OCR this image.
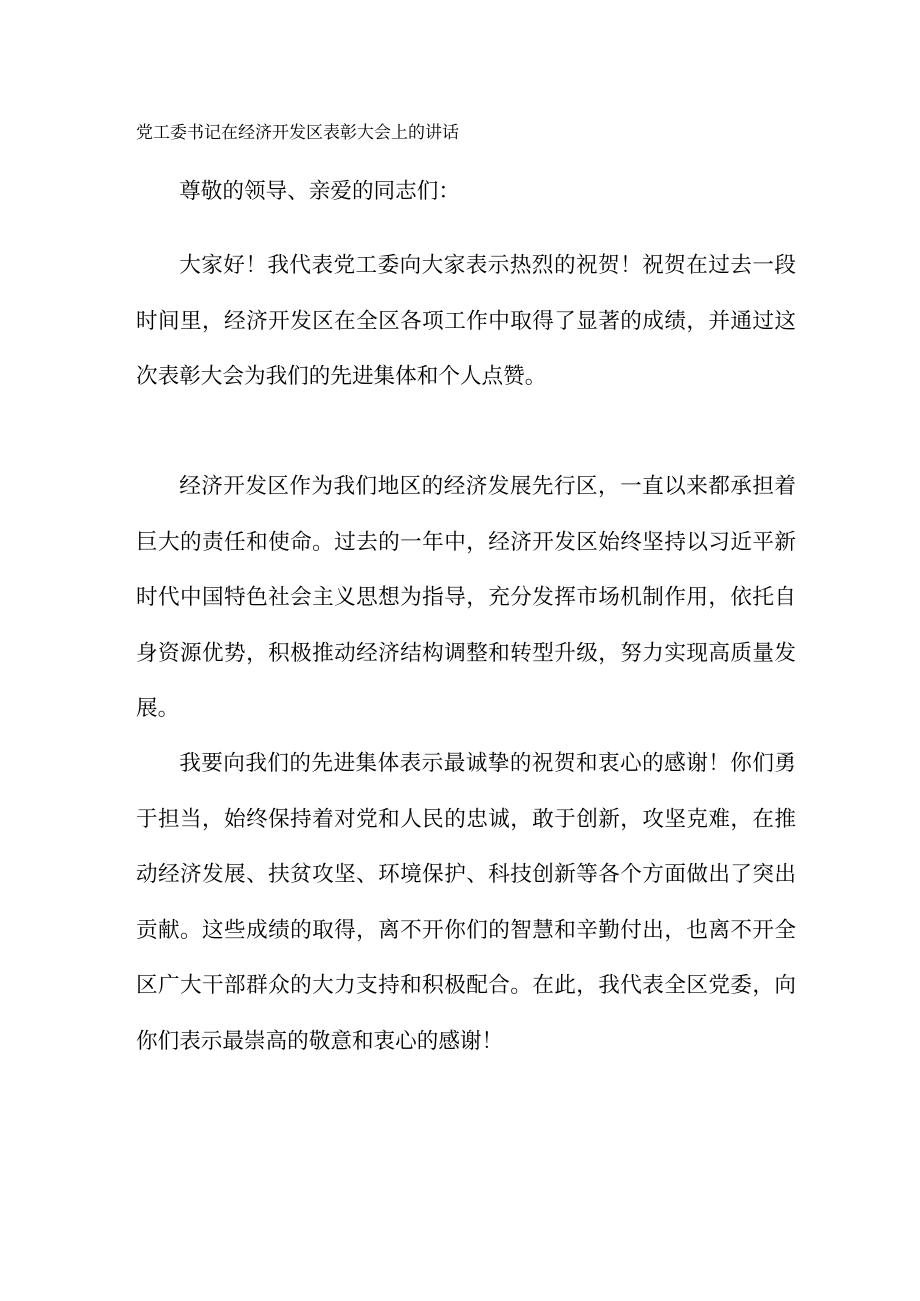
党工委书记在经济开发区表彰大会上的讲话

尊敬的领导、亲爱的同志们：

大家好！我代表党工委向大家表示热烈的祝贺！祝贺在过去一段时间里，经济开发区在全区各项工作中取得了显著的成绩，并通过这次表彰大会为我们的先进集体和个人点赞。

经济开发区作为我们地区的经济发展先行区，一直以来都承担着巨大的责任和使命。过去的一年中，经济开发区始终坚持以习近平新时代中国特色社会主义思想为指导，充分发挥市场机制作用，依托自身资源优势，积极推动经济结构调整和转型升级，努力实现高质量发展。

我要向我们的先进集体表示最诚挚的祝贺和衷心的感谢！你们勇于担当，始终保持着对党和人民的忠诚，敢于创新，攻坚克难，在推动经济发展、扶贫攻坚、环境保护、科技创新等各个方面做出了突出贡献。这些成绩的取得，离不开你们的智慧和辛勤付出，也离不开全区广大干部群众的大力支持和积极配合。在此，我代表全区党委，向你们表示最崇高的敬意和衷心的感谢！
